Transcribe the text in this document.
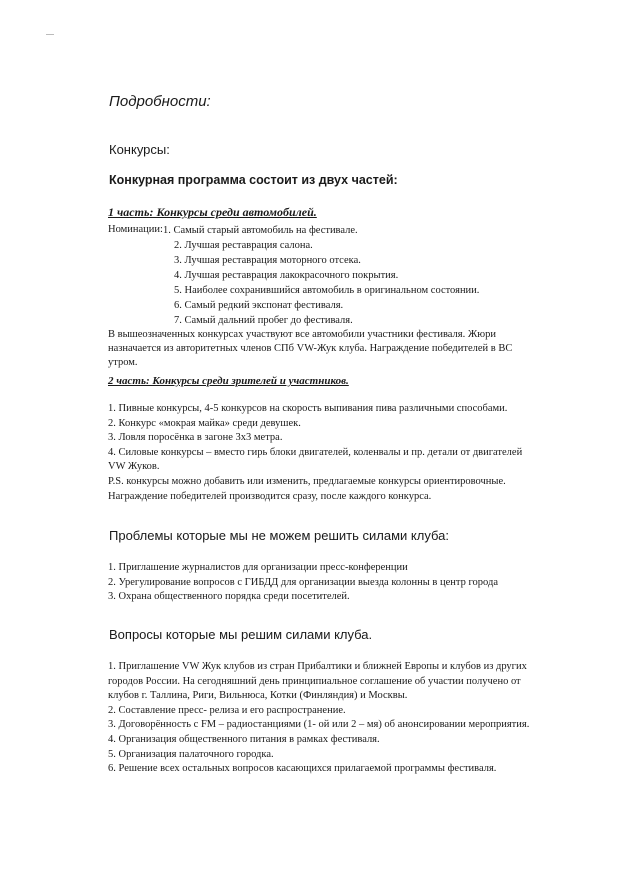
Подробности:
Конкурсы:
Конкурная программа состоит из двух частей:
1 часть: Конкурсы среди автомобилей.
Номинации: 1. Самый старый автомобиль на фестивале.
2. Лучшая реставрация салона.
3. Лучшая реставрация моторного отсека.
4. Лучшая реставрация лакокрасочного покрытия.
5. Наиболее сохранившийся автомобиль в оригинальном состоянии.
6. Самый редкий экспонат фестиваля.
7. Самый дальний пробег до фестиваля.
В вышеозначенных конкурсах участвуют все автомобили участники фестиваля. Жюри
назначается из авторитетных членов СПб VW-Жук клуба. Награждение победителей в ВС
утром.
2 часть: Конкурсы среди зрителей и участников.
1. Пивные конкурсы, 4-5 конкурсов на скорость выпивания пива различными способами.
2. Конкурс «мокрая майка» среди девушек.
3. Ловля поросёнка в загоне 3х3 метра.
4. Силовые конкурсы – вместо гирь блоки двигателей, коленвалы и пр. детали от двигателей
VW Жуков.
P.S. конкурсы можно добавить или изменить, предлагаемые конкурсы ориентировочные.
Награждение победителей производится сразу, после каждого конкурса.
Проблемы которые мы не можем решить силами клуба:
1. Приглашение журналистов для организации пресс-конференции
2. Урегулирование вопросов с ГИБДД для организации выезда колонны в центр города
3. Охрана общественного порядка среди посетителей.
Вопросы которые мы решим силами клуба.
1. Приглашение VW Жук клубов из стран Прибалтики и ближней Европы и клубов из других
городов России. На сегодняшний день принципиальное соглашение об участии получено от
клубов г. Таллина, Риги, Вильнюса, Котки (Финляндия) и Москвы.
2. Составление пресс- релиза и его распространение.
3. Договорённость с FM – радиостанциями (1- ой или 2 – мя) об анонсировании мероприятия.
4. Организация общественного питания в рамках фестиваля.
5. Организация палаточного городка.
6. Решение всех остальных вопросов касающихся прилагаемой программы фестиваля.
